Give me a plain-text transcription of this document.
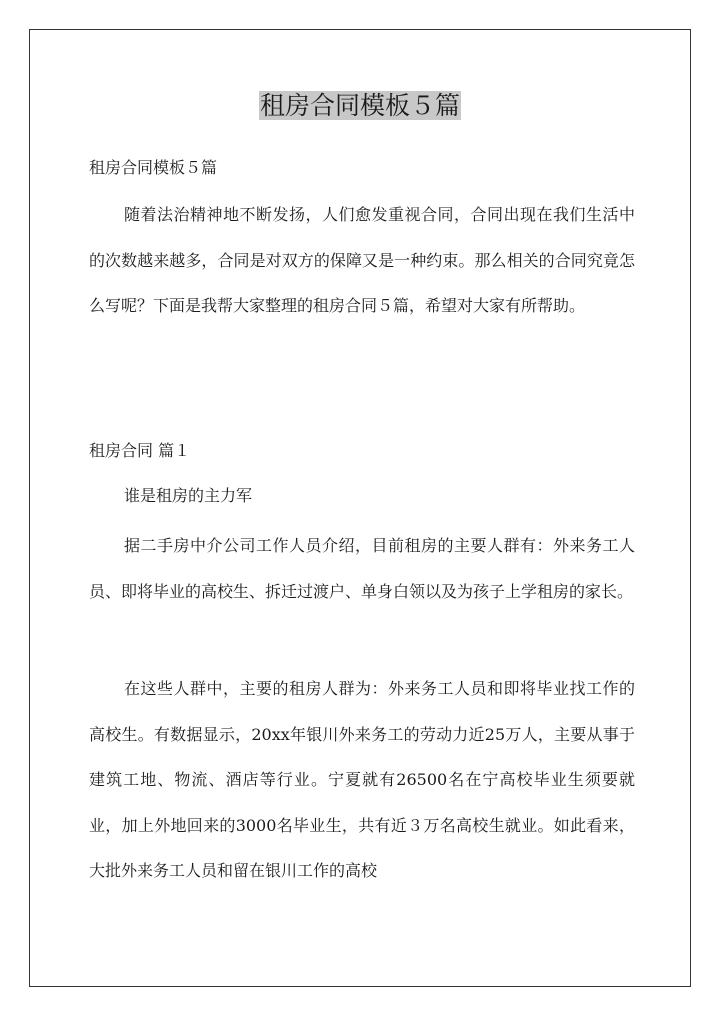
租房合同模板５篇

租房合同模板５篇

随着法治精神地不断发扬，人们愈发重视合同，合同出现在我们生活中的次数越来越多，合同是对双方的保障又是一种约束。那么相关的合同究竟怎么写呢？下面是我帮大家整理的租房合同５篇，希望对大家有所帮助。

租房合同 篇１

谁是租房的主力军

据二手房中介公司工作人员介绍，目前租房的主要人群有：外来务工人员、即将毕业的高校生、拆迁过渡户、单身白领以及为孩子上学租房的家长。

在这些人群中，主要的租房人群为：外来务工人员和即将毕业找工作的高校生。有数据显示，20xx年银川外来务工的劳动力近25万人，主要从事于建筑工地、物流、酒店等行业。宁夏就有26500名在宁高校毕业生须要就业，加上外地回来的3000名毕业生，共有近３万名高校生就业。如此看来，大批外来务工人员和留在银川工作的高校
